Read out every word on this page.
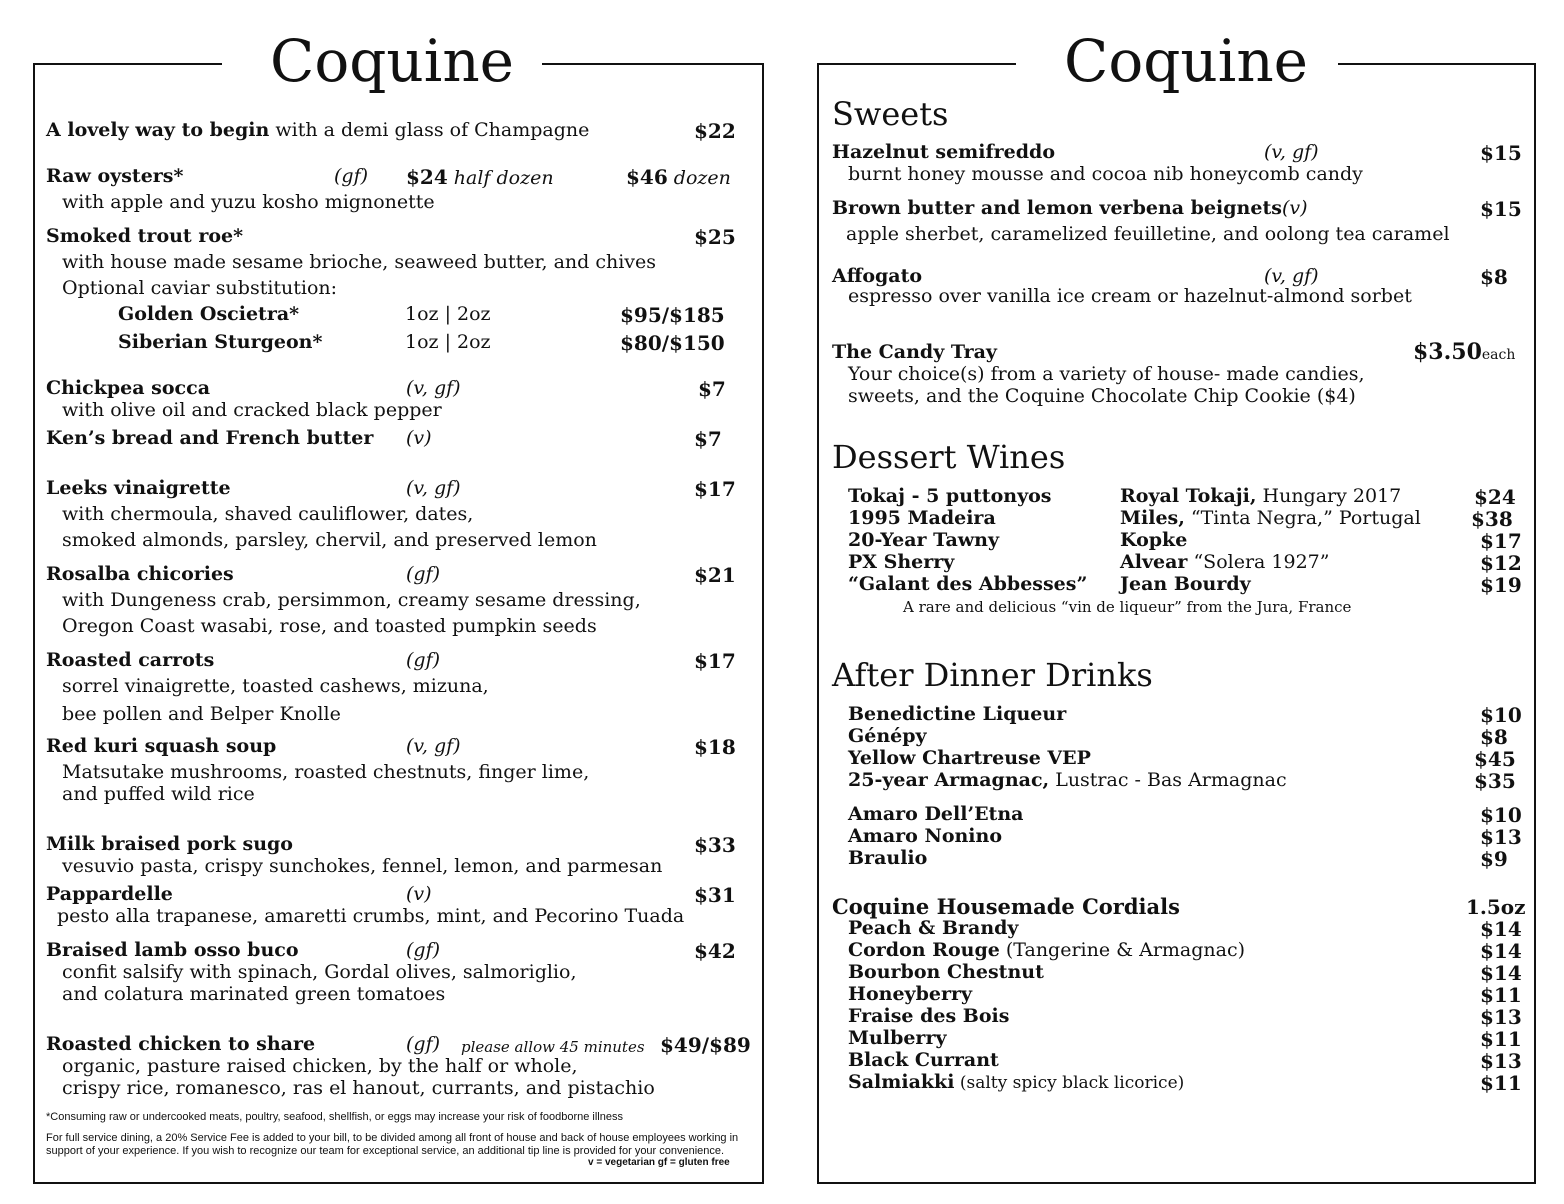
Coquine
A lovely way to begin with a demi glass of Champagne	$22
Raw oysters*	(gf) $24 half dozen	$46 dozen
with apple and yuzu kosho mignonette
Smoked trout roe*	$25
with house made sesame brioche, seaweed butter, and chives
Optional caviar substitution:
Golden Oscietra*	1oz | 2oz	$95/$185
Siberian Sturgeon*	1oz | 2oz	$80/$150
Chickpea socca	(v, gf)	$7
with olive oil and cracked black pepper
Ken’s bread and French butter (v)	$7
Leeks vinaigrette	(v, gf)	$17
with chermoula, shaved cauliflower, dates,
smoked almonds, parsley, chervil, and preserved lemon
Rosalba chicories	(gf)	$21
with Dungeness crab, persimmon, creamy sesame dressing,
Oregon Coast wasabi, rose, and toasted pumpkin seeds
Roasted carrots	(gf)	$17
sorrel vinaigrette, toasted cashews, mizuna,
bee pollen and Belper Knolle
Red kuri squash soup	(v, gf)	$18
Matsutake mushrooms, roasted chestnuts, finger lime,
and puffed wild rice
Milk braised pork sugo	$33
vesuvio pasta, crispy sunchokes, fennel, lemon, and parmesan
Pappardelle	(v)	$31
pesto alla trapanese, amaretti crumbs, mint, and Pecorino Tuada
Braised lamb osso buco	(gf)	$42
confit salsify with spinach, Gordal olives, salmoriglio,
and colatura marinated green tomatoes
Roasted chicken to share	(gf) please allow 45 minutes $49/$89
organic, pasture raised chicken, by the half or whole,
crispy rice, romanesco, ras el hanout, currants, and pistachio
*Consuming raw or undercooked meats, poultry, seafood, shellfish, or eggs may increase your risk of foodborne illness
For full service dining, a 20% Service Fee is added to your bill, to be divided among all front of house and back of house employees working in support of your experience. If you wish to recognize our team for exceptional service, an additional tip line is provided for your convenience.
v = vegetarian gf = gluten free
Coquine
Sweets
Hazelnut semifreddo	(v, gf)	$15
burnt honey mousse and cocoa nib honeycomb candy
Brown butter and lemon verbena beignets(v)	$15
apple sherbet, caramelized feuilletine, and oolong tea caramel
Affogato	(v, gf)	$8
espresso over vanilla ice cream or hazelnut-almond sorbet
The Candy Tray	$3.50each
Your choice(s) from a variety of house- made candies,
sweets, and the Coquine Chocolate Chip Cookie ($4)
Dessert Wines
Tokaj - 5 puttonyos	Royal Tokaji, Hungary 2017	$24
1995 Madeira	Miles, “Tinta Negra,” Portugal	$38
20-Year Tawny	Kopke	$17
PX Sherry	Alvear “Solera 1927”	$12
“Galant des Abbesses” Jean Bourdy	$19
A rare and delicious “vin de liqueur” from the Jura, France
After Dinner Drinks
Benedictine Liqueur	$10
Génépy	$8
Yellow Chartreuse VEP	$45
25-year Armagnac, Lustrac - Bas Armagnac	$35
Amaro Dell’Etna	$10
Amaro Nonino	$13
Braulio	$9
Coquine Housemade Cordials	1.5oz
Peach & Brandy	$14
Cordon Rouge (Tangerine & Armagnac)	$14
Bourbon Chestnut	$14
Honeyberry	$11
Fraise des Bois	$13
Mulberry	$11
Black Currant	$13
Salmiakki (salty spicy black licorice)	$11
